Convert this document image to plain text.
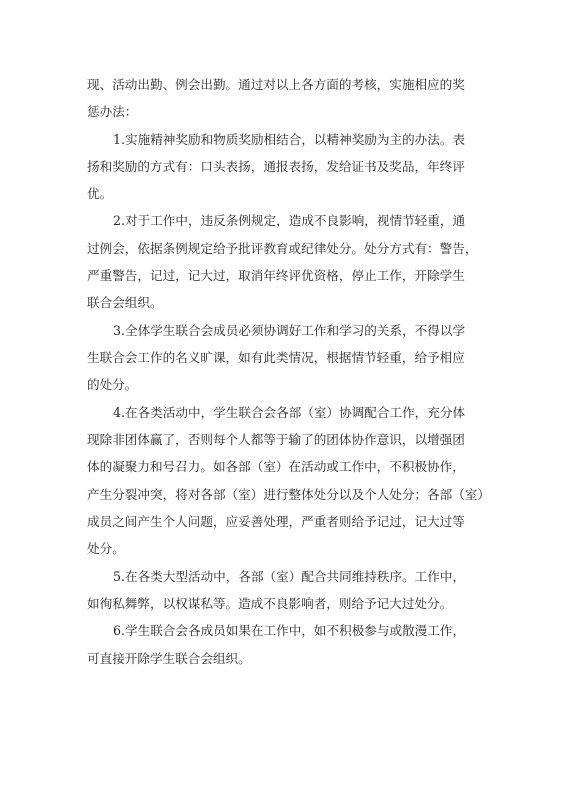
现、活动出勤、例会出勤。通过对以上各方面的考核，实施相应的奖
惩办法：
1.实施精神奖励和物质奖励相结合，以精神奖励为主的办法。表
扬和奖励的方式有：口头表扬，通报表扬，发给证书及奖品，年终评
优。
2.对于工作中，违反条例规定，造成不良影响，视情节轻重，通
过例会，依据条例规定给予批评教育或纪律处分。处分方式有：警告，
严重警告，记过，记大过，取消年终评优资格，停止工作，开除学生
联合会组织。
3.全体学生联合会成员必须协调好工作和学习的关系，不得以学
生联合会工作的名义旷课，如有此类情况，根据情节轻重，给予相应
的处分。
4.在各类活动中，学生联合会各部（室）协调配合工作，充分体
现除非团体赢了，否则每个人都等于输了的团体协作意识，以增强团
体的凝聚力和号召力。如各部（室）在活动或工作中，不积极协作，
产生分裂冲突，将对各部（室）进行整体处分以及个人处分；各部（室）
成员之间产生个人问题，应妥善处理，严重者则给予记过，记大过等
处分。
5.在各类大型活动中，各部（室）配合共同维持秩序。工作中，
如徇私舞弊，以权谋私等。造成不良影响者，则给予记大过处分。
6.学生联合会各成员如果在工作中，如不积极参与或散漫工作，
可直接开除学生联合会组织。
